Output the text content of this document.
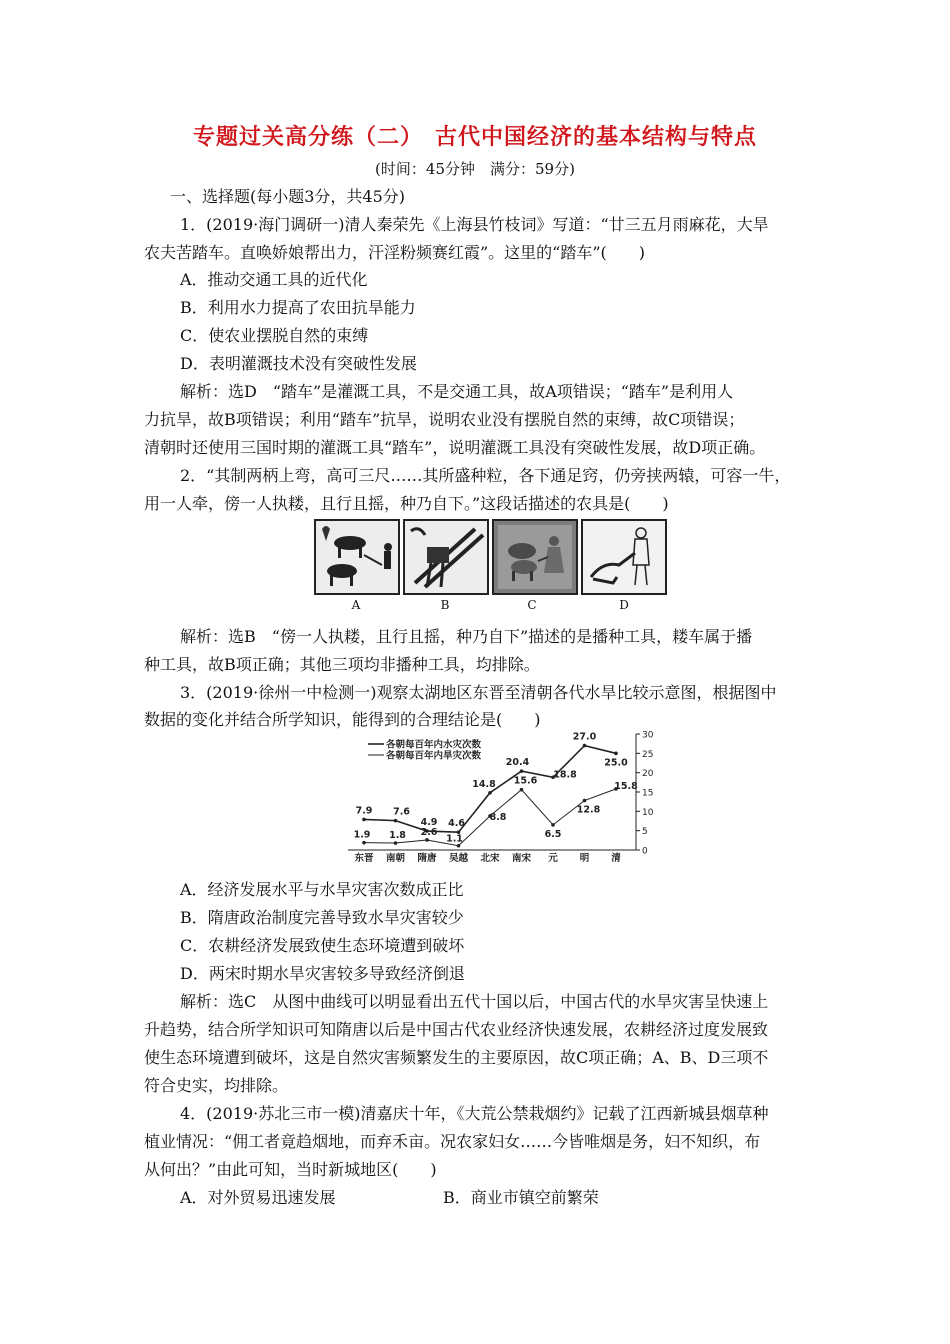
专题过关高分练（二）　古代中国经济的基本结构与特点
(时间：45分钟　满分：59分)
一、选择题(每小题3分，共45分)
1．(2019·海门调研一)清人秦荣先《上海县竹枝词》写道：“廿三五月雨麻花，大旱
农夫苦踏车。直唤娇娘帮出力，汗淫粉频赛红霞”。这里的“踏车”(　　)
A．推动交通工具的近代化
B．利用水力提高了农田抗旱能力
C．使农业摆脱自然的束缚
D．表明灌溉技术没有突破性发展
解析：选D　“踏车”是灌溉工具，不是交通工具，故A项错误；“踏车”是利用人
力抗旱，故B项错误；利用“踏车”抗旱，说明农业没有摆脱自然的束缚，故C项错误；
清朝时还使用三国时期的灌溉工具“踏车”，说明灌溉工具没有突破性发展，故D项正确。
2．“其制两柄上弯，高可三尺……其所盛种粒，各下通足窍，仍旁挟两辕，可容一牛，
用一人牵，傍一人执耧，且行且摇，种乃自下。”这段话描述的农具是(　　)
A	B	C	D
解析：选B　“傍一人执耧，且行且摇，种乃自下”描述的是播种工具，耧车属于播
种工具，故B项正确；其他三项均非播种工具，均排除。
3．(2019·徐州一中检测一)观察太湖地区东晋至清朝各代水旱比较示意图，根据图中
数据的变化并结合所学知识，能得到的合理结论是(　　)
0
5
10
15
20
25
30
东晋 南朝 隋唐 吴越 北宋 南宋 元 明 清
7.9 7.6
4.9 4.6
14.8
20.4
18.8
27.0
25.0
1.9 1.8 2.6
1.1
8.8
15.6
6.5
12.8
15.8
各朝每百年内水灾次数
各朝每百年内旱灾次数
A．经济发展水平与水旱灾害次数成正比
B．隋唐政治制度完善导致水旱灾害较少
C．农耕经济发展致使生态环境遭到破坏
D．两宋时期水旱灾害较多导致经济倒退
解析：选C　从图中曲线可以明显看出五代十国以后，中国古代的水旱灾害呈快速上
升趋势，结合所学知识可知隋唐以后是中国古代农业经济快速发展，农耕经济过度发展致
使生态环境遭到破坏，这是自然灾害频繁发生的主要原因，故C项正确；A、B、D三项不
符合史实，均排除。
4．(2019·苏北三市一模)清嘉庆十年，《大荒公禁栽烟约》记载了江西新城县烟草种
植业情况：“佣工者竟趋烟地，而弃禾亩。况农家妇女……今皆唯烟是务，妇不知织，布
从何出？”由此可知，当时新城地区(　　)
A．对外贸易迅速发展	B．商业市镇空前繁荣
